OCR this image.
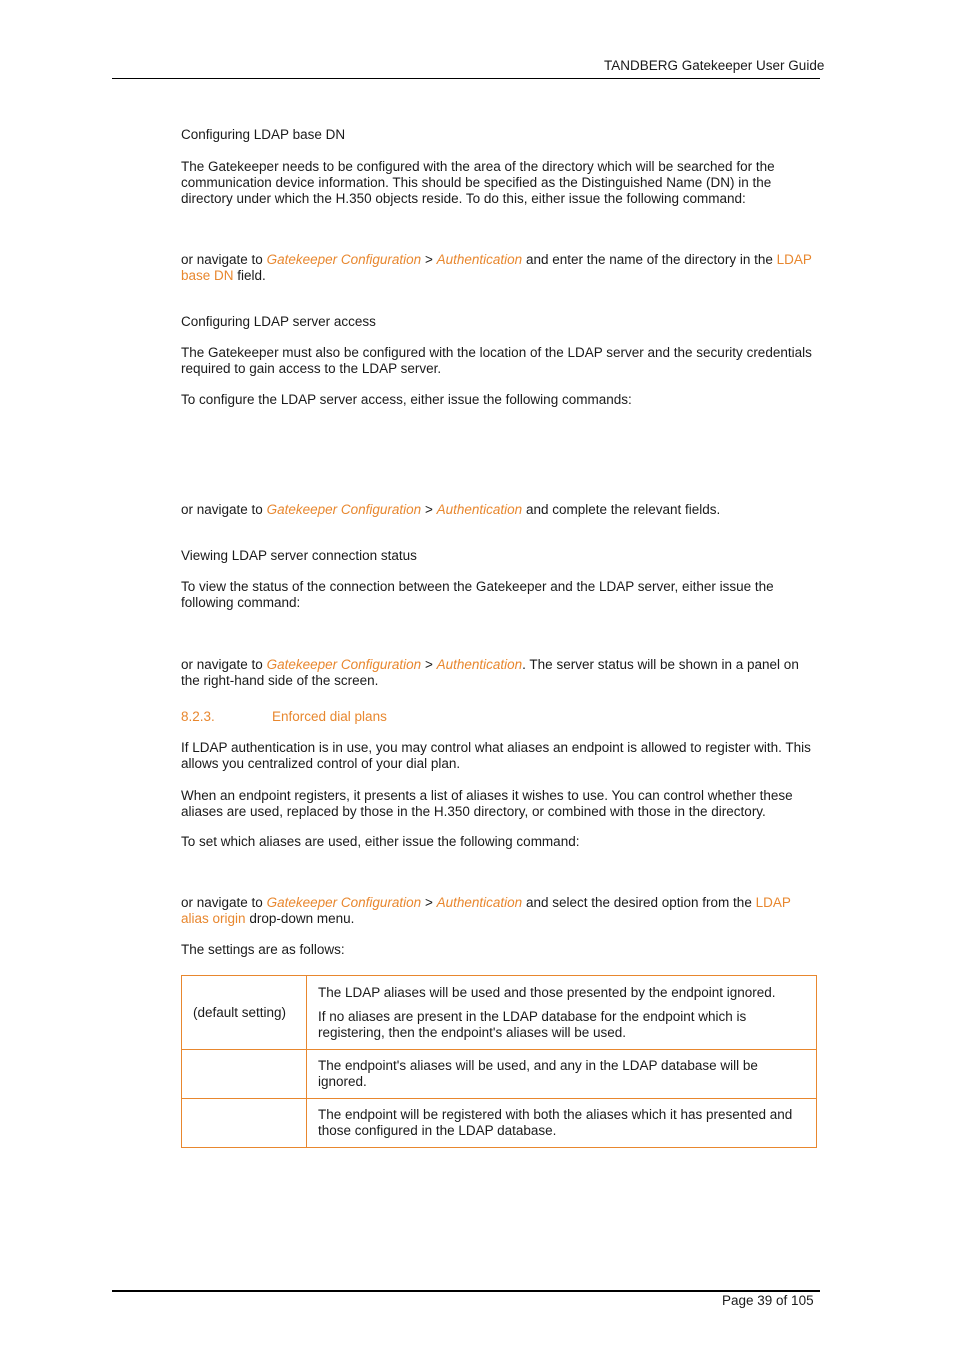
TANDBERG Gatekeeper User Guide

Configuring LDAP base DN

The Gatekeeper needs to be configured with the area of the directory which will be searched for the communication device information. This should be specified as the Distinguished Name (DN) in the directory under which the H.350 objects reside. To do this, either issue the following command:

or navigate to Gatekeeper Configuration > Authentication and enter the name of the directory in the LDAP base DN field.

Configuring LDAP server access

The Gatekeeper must also be configured with the location of the LDAP server and the security credentials required to gain access to the LDAP server.

To configure the LDAP server access, either issue the following commands:

or navigate to Gatekeeper Configuration > Authentication and complete the relevant fields.

Viewing LDAP server connection status

To view the status of the connection between the Gatekeeper and the LDAP server, either issue the following command:

or navigate to Gatekeeper Configuration > Authentication. The server status will be shown in a panel on the right-hand side of the screen.

8.2.3.	Enforced dial plans

If LDAP authentication is in use, you may control what aliases an endpoint is allowed to register with. This allows you centralized control of your dial plan.

When an endpoint registers, it presents a list of aliases it wishes to use. You can control whether these aliases are used, replaced by those in the H.350 directory, or combined with those in the directory.

To set which aliases are used, either issue the following command:

or navigate to Gatekeeper Configuration > Authentication and select the desired option from the LDAP alias origin drop-down menu.

The settings are as follows:

(default setting)	The LDAP aliases will be used and those presented by the endpoint ignored.

If no aliases are present in the LDAP database for the endpoint which is registering, then the endpoint's aliases will be used.

	The endpoint's aliases will be used, and any in the LDAP database will be ignored.

	The endpoint will be registered with both the aliases which it has presented and those configured in the LDAP database.

Page 39 of 105
